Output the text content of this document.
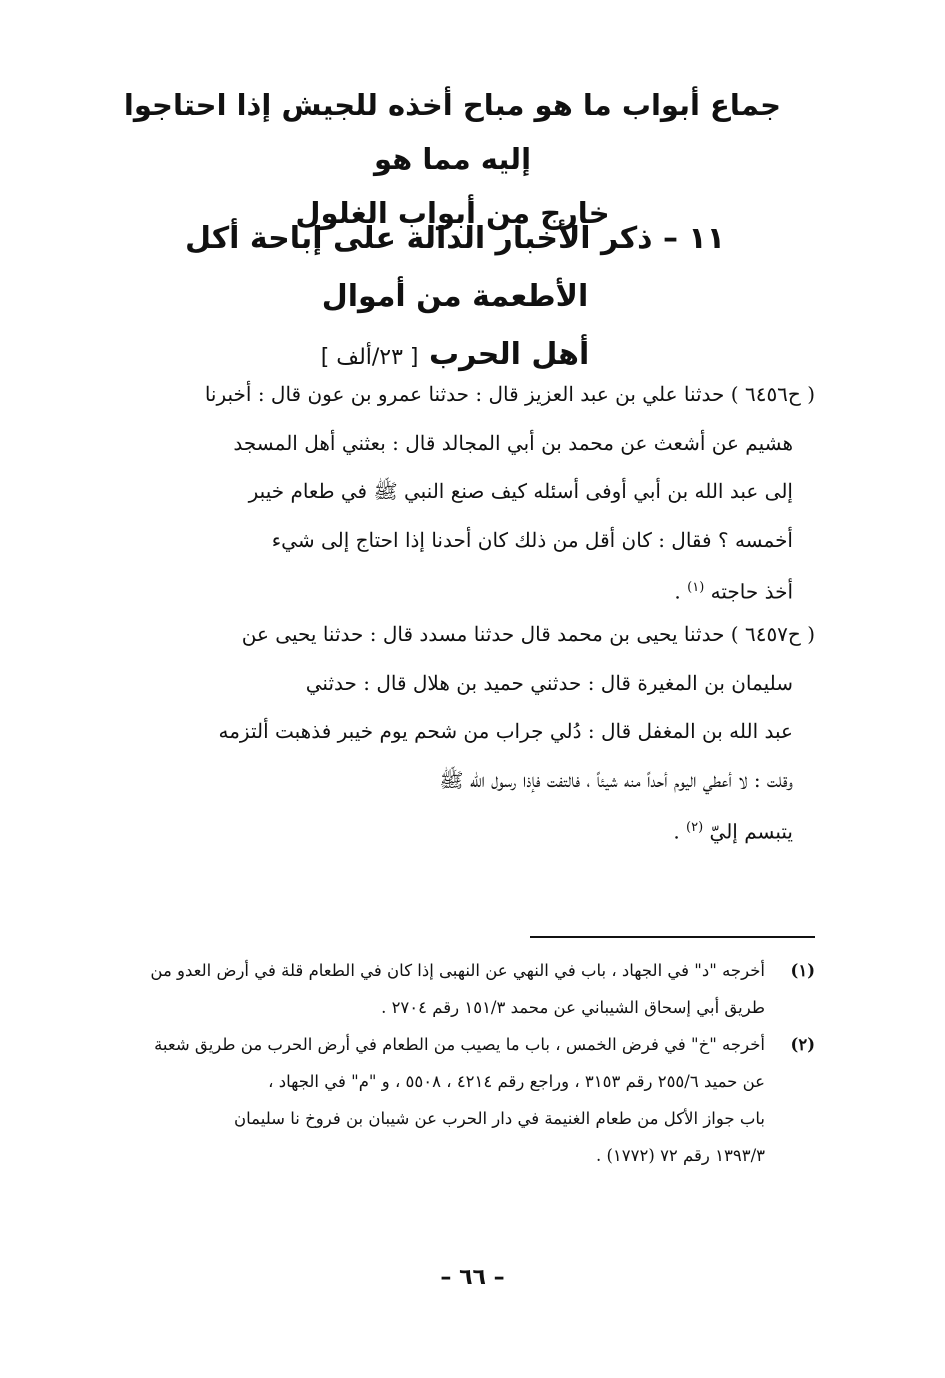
جماع أبواب ما هو مباح أخذه للجيش إذا احتاجوا إليه مما هو
خارج من أبواب الغلول
١١ – ذكر الأخبار الدالة على إباحة أكل الأطعمة من أموال
أهل الحرب [ ٢٣/ألف ]
( ح٦٤٥٦ ) حدثنا علي بن عبد العزيز قال : حدثنا عمرو بن عون قال : أخبرنا
هشيم عن أشعث عن محمد بن أبي المجالد قال : بعثني أهل المسجد
إلى عبد الله بن أبي أوفى أسئله كيف صنع النبي ﷺ في طعام خيبر
أخمسه ؟ فقال : كان أقل من ذلك كان أحدنا إذا احتاج إلى شيء
أخذ حاجته $^{(١)}$ .
( ح٦٤٥٧ ) حدثنا يحيى بن محمد قال حدثنا مسدد قال : حدثنا يحيى عن
سليمان بن المغيرة قال : حدثني حميد بن هلال قال : حدثني
عبد الله بن المغفل قال : دُلي جراب من شحم يوم خيبر فذهبت ألتزمه
وقلت : لا أعطي اليوم أحداً منه شيئاً ، فالتفت فإذا رسول الله ﷺ
يتبسم إليّ $^{(٢)}$ .
(١)
أخرجه "د" في الجهاد ، باب في النهي عن النهبى إذا كان في الطعام قلة في أرض العدو من
طريق أبي إسحاق الشيباني عن محمد ١٥١/٣ رقم ٢٧٠٤ .
(٢)
أخرجه "خ" في فرض الخمس ، باب ما يصيب من الطعام في أرض الحرب من طريق شعبة
عن حميد ٢٥٥/٦ رقم ٣١٥٣ ، وراجع رقم ٤٢١٤ ، ٥٥٠٨ ، و "م" في الجهاد ،
باب جواز الأكل من طعام الغنيمة في دار الحرب عن شيبان بن فروخ نا سليمان
١٣٩٣/٣ رقم ٧٢ (١٧٧٢) .
– ٦٦ –
